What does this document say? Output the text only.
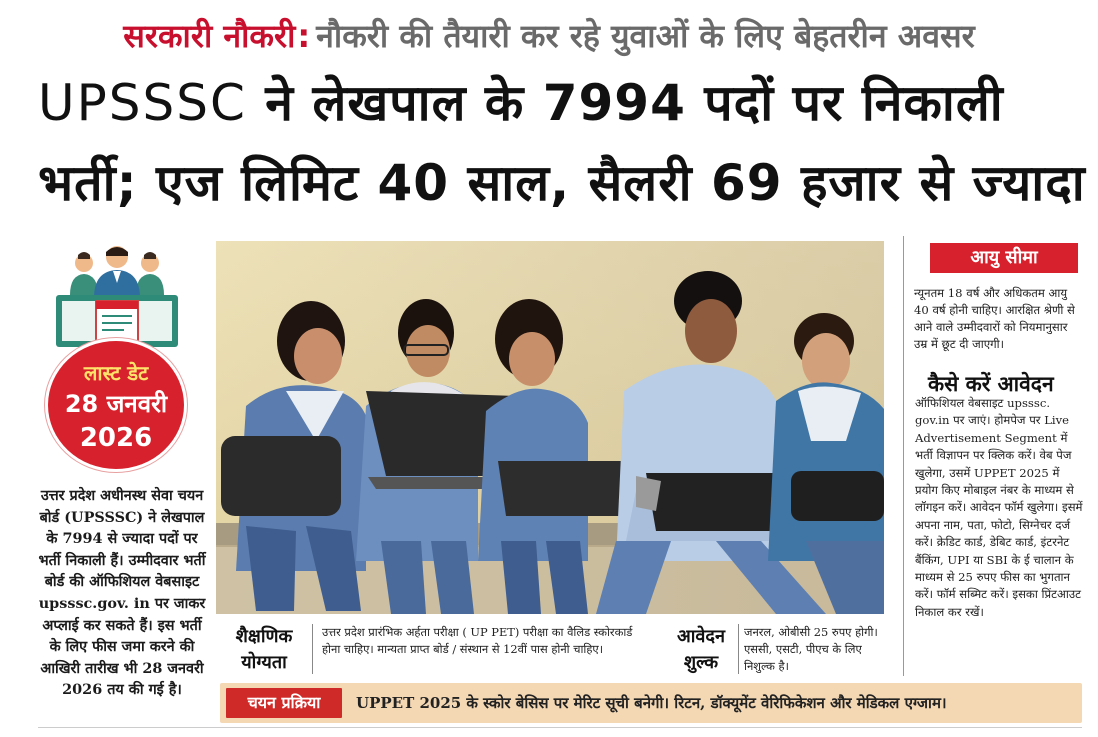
सरकारी नौकरी: नौकरी की तैयारी कर रहे युवाओं के लिए बेहतरीन अवसर
UPSSSC ने लेखपाल के 7994 पदों पर निकाली
भर्ती; एज लिमिट 40 साल, सैलरी 69 हजार से ज्यादा
लास्ट डेट
28 जनवरी
2026
उत्तर प्रदेश अधीनस्थ सेवा चयन बोर्ड (UPSSSC) ने लेखपाल के 7994 से ज्यादा पदों पर भर्ती निकाली हैं। उम्मीदवार भर्ती बोर्ड की ऑफिशियल वेबसाइट upsssc.gov. in पर जाकर अप्लाई कर सकते हैं। इस भर्ती के लिए फीस जमा करने की आखिरी तारीख भी 28 जनवरी 2026 तय की गई है।
आयु सीमा
न्यूनतम 18 वर्ष और अधिकतम आयु 40 वर्ष होनी चाहिए। आरक्षित श्रेणी से आने वाले उम्मीदवारों को नियमानुसार उम्र में छूट दी जाएगी।
कैसे करें आवेदन
ऑफिशियल वेबसाइट upsssc. gov.in पर जाएं। होमपेज पर Live Advertisement Segment में भर्ती विज्ञापन पर क्लिक करें। वेब पेज खुलेगा, उसमें UPPET 2025 में प्रयोग किए मोबाइल नंबर के माध्यम से लॉगइन करें। आवेदन फॉर्म खुलेगा। इसमें अपना नाम, पता, फोटो, सिग्नेचर दर्ज करें। क्रेडिट कार्ड, डेबिट कार्ड, इंटरनेट बैंकिंग, UPI या SBI के ई चालान के माध्यम से 25 रुपए फीस का भुगतान करें। फॉर्म सब्मिट करें। इसका प्रिंटआउट निकाल कर रखें।
शैक्षणिक
योग्यता
उत्तर प्रदेश प्रारंभिक अर्हता परीक्षा ( UP PET) परीक्षा का वैलिड स्कोरकार्ड होना चाहिए। मान्यता प्राप्त बोर्ड / संस्थान से 12वीं पास होनी चाहिए।
आवेदन
शुल्क
जनरल, ओबीसी 25 रुपए होगी। एससी, एसटी, पीएच के लिए निशुल्क है।
चयन प्रक्रिया	UPPET 2025 के स्कोर बेसिस पर मेरिट सूची बनेगी। रिटन, डॉक्यूमेंट वेरिफिकेशन और मेडिकल एग्जाम।
